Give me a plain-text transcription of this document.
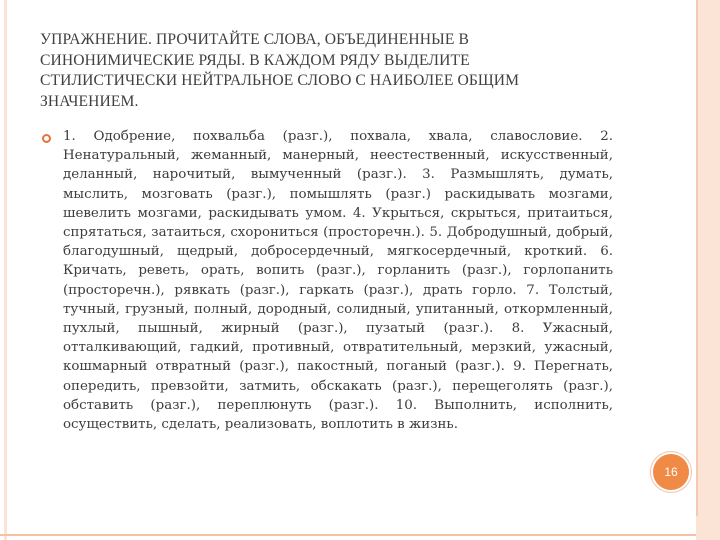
УПРАЖНЕНИЕ. ПРОЧИТАЙТЕ СЛОВА, ОБЪЕДИНЕННЫЕ В СИНОНИМИЧЕСКИЕ РЯДЫ. В КАЖДОМ РЯДУ ВЫДЕЛИТЕ СТИЛИСТИЧЕСКИ НЕЙТРАЛЬНОЕ СЛОВО С НАИБОЛЕЕ ОБЩИМ ЗНАЧЕНИЕМ.
1. Одобрение, похвальба (разг.), похвала, хвала, славословие. 2. Ненатуральный, жеманный, манерный, неестественный, искусственный, деланный, нарочитый, вымученный (разг.). 3. Размышлять, думать, мыслить, мозговать (разг.), помышлять (разг.) раскидывать мозгами, шевелить мозгами, раскидывать умом. 4. Укрыться, скрыться, притаиться, спрятаться, затаиться, схорониться (просторечн.). 5. Добродушный, добрый, благодушный, щедрый, добросердечный, мягкосердечный, кроткий. 6. Кричать, реветь, орать, вопить (разг.), горланить (разг.), горлопанить (просторечн.), рявкать (разг.), гаркать (разг.), драть горло. 7. Толстый, тучный, грузный, полный, дородный, солидный, упитанный, откормленный, пухлый, пышный, жирный (разг.), пузатый (разг.). 8. Ужасный, отталкивающий, гадкий, противный, отвратительный, мерзкий, ужасный, кошмарный отвратный (разг.), пакостный, поганый (разг.). 9. Перегнать, опередить, превзойти, затмить, обскакать (разг.), перещеголять (разг.), обставить (разг.), переплюнуть (разг.). 10. Выполнить, исполнить, осуществить, сделать, реализовать, воплотить в жизнь.
16
